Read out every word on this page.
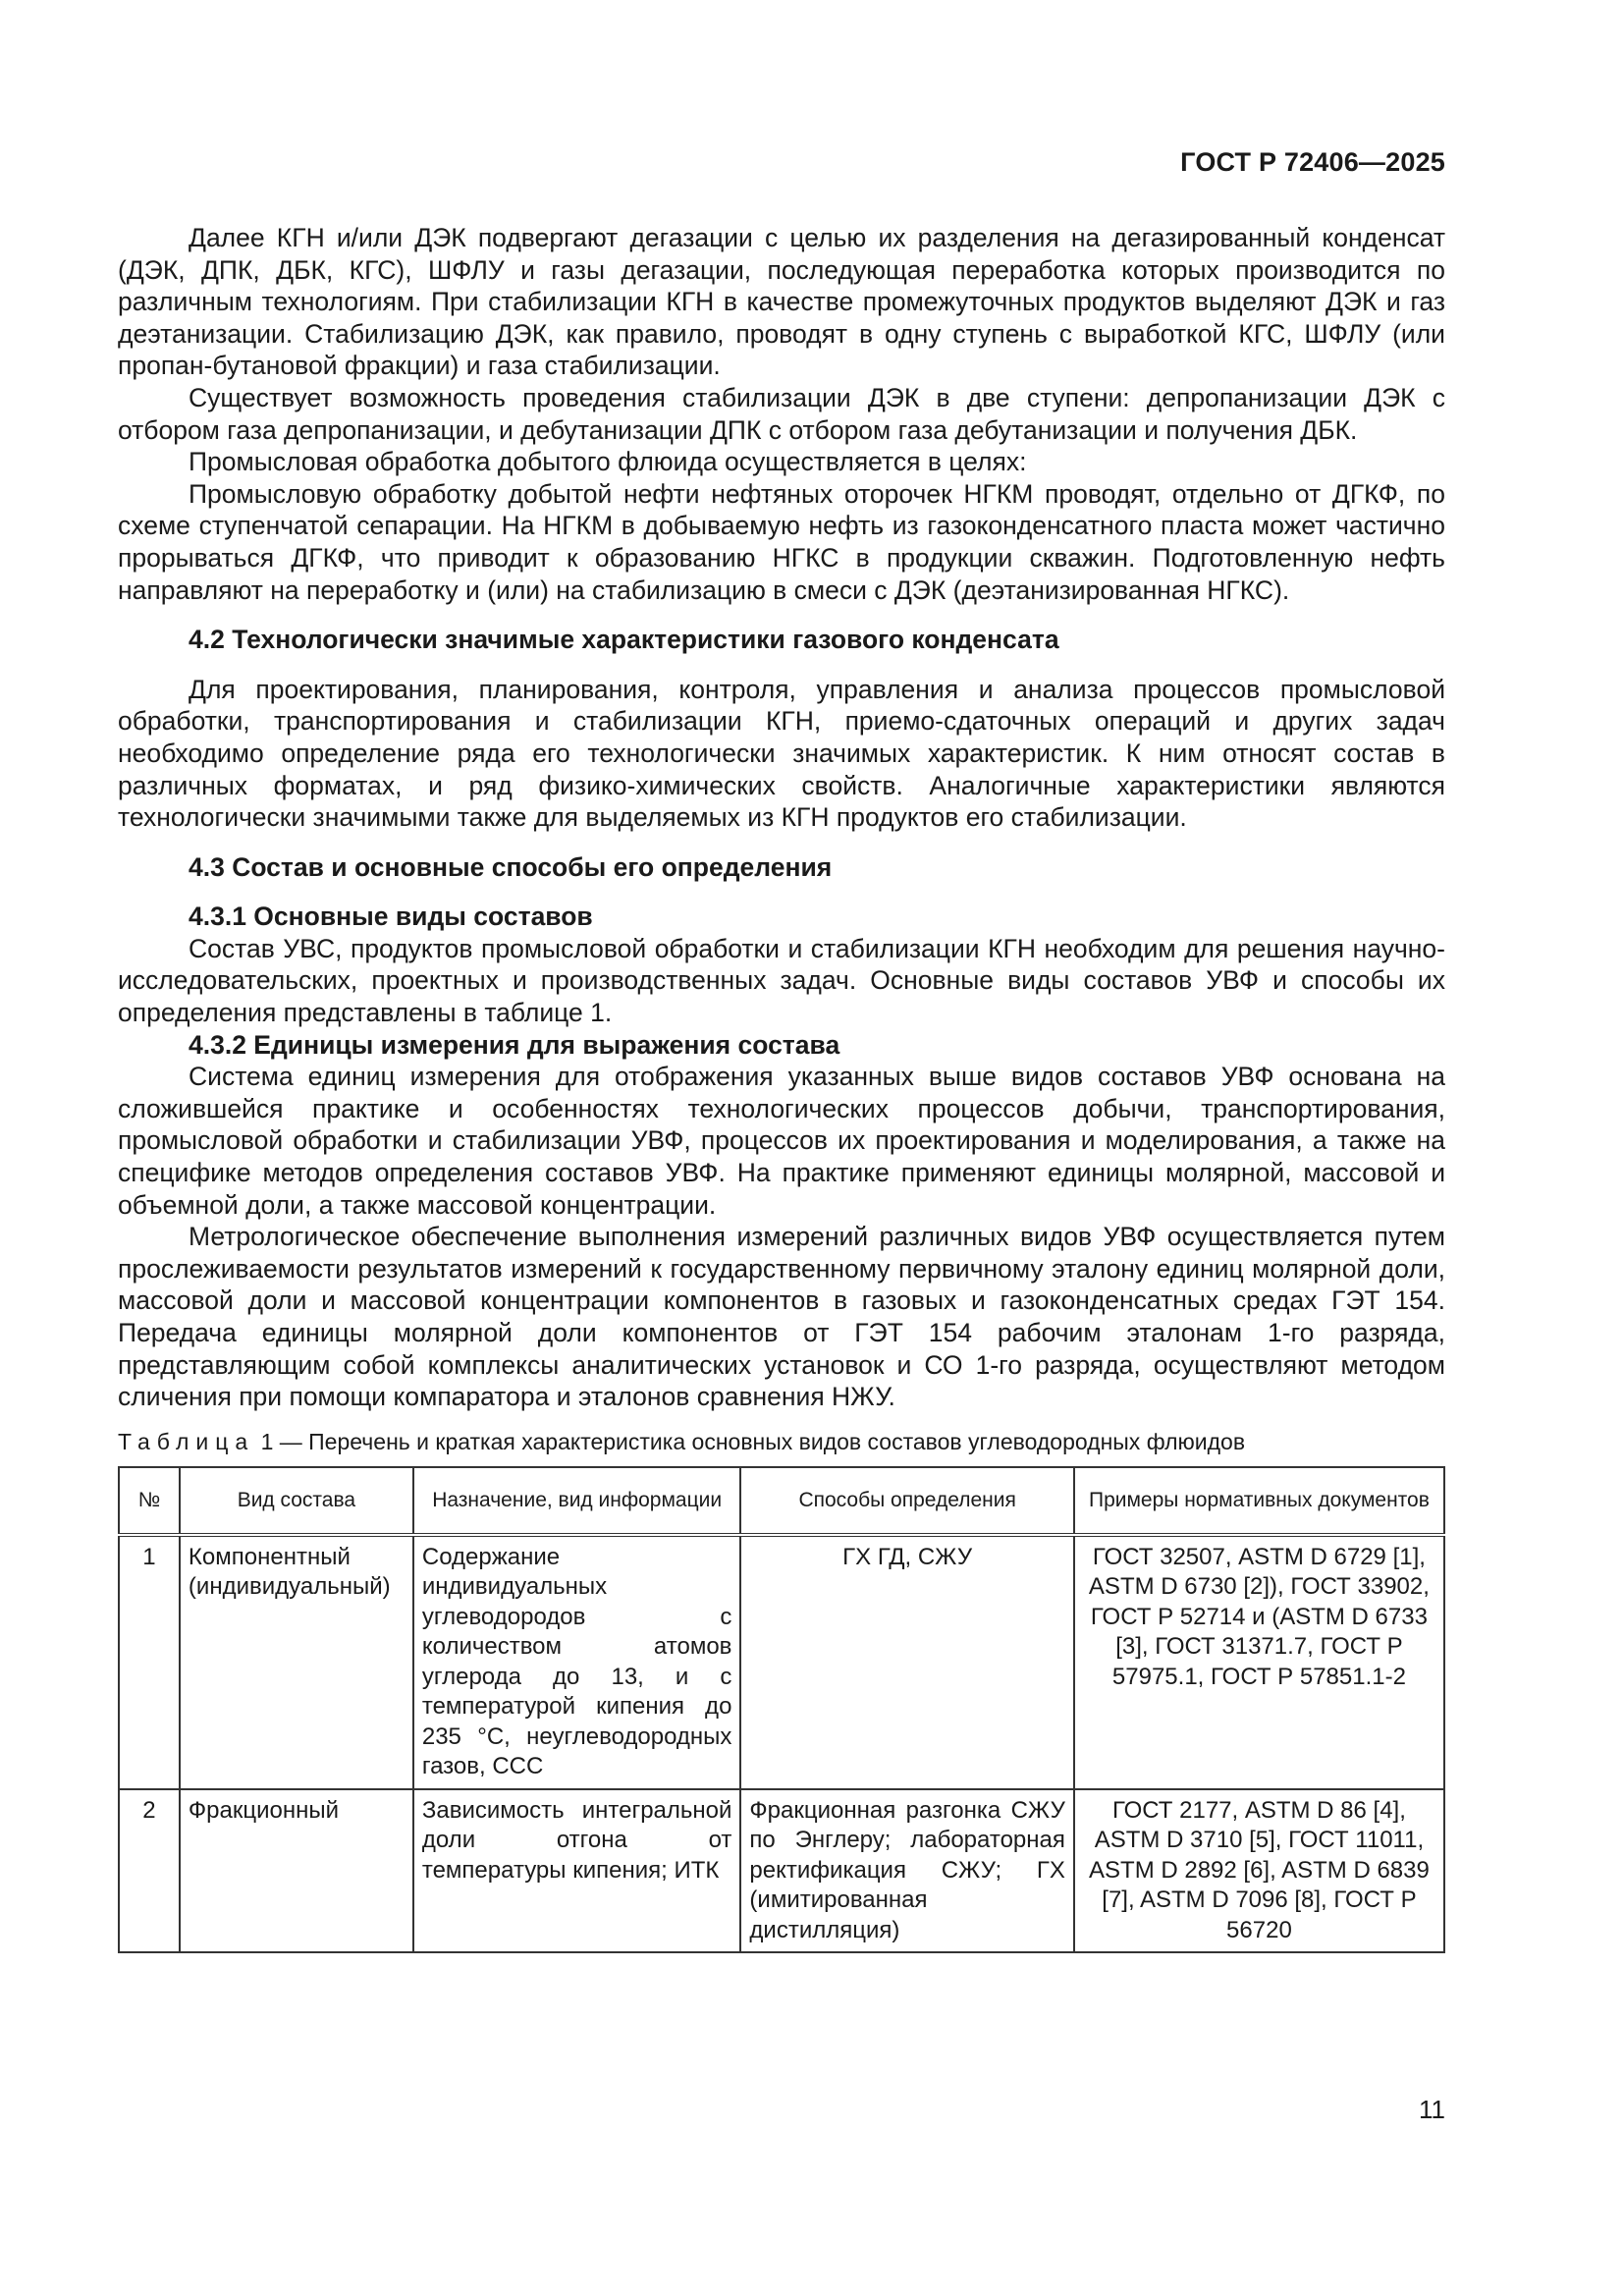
ГОСТ Р 72406—2025

Далее КГН и/или ДЭК подвергают дегазации с целью их разделения на дегазированный конденсат (ДЭК, ДПК, ДБК, КГС), ШФЛУ и газы дегазации, последующая переработка которых производится по различным технологиям. При стабилизации КГН в качестве промежуточных продуктов выделяют ДЭК и газ деэтанизации. Стабилизацию ДЭК, как правило, проводят в одну ступень с выработкой КГС, ШФЛУ (или пропан-бутановой фракции) и газа стабилизации.

Существует возможность проведения стабилизации ДЭК в две ступени: депропанизации ДЭК с отбором газа депропанизации, и дебутанизации ДПК с отбором газа дебутанизации и получения ДБК.

Промысловая обработка добытого флюида осуществляется в целях:

Промысловую обработку добытой нефти нефтяных оторочек НГКМ проводят, отдельно от ДГКФ, по схеме ступенчатой сепарации. На НГКМ в добываемую нефть из газоконденсатного пласта может частично прорываться ДГКФ, что приводит к образованию НГКС в продукции скважин. Подготовленную нефть направляют на переработку и (или) на стабилизацию в смеси с ДЭК (деэтанизированная НГКС).

4.2 Технологически значимые характеристики газового конденсата

Для проектирования, планирования, контроля, управления и анализа процессов промысловой обработки, транспортирования и стабилизации КГН, приемо-сдаточных операций и других задач необходимо определение ряда его технологически значимых характеристик. К ним относят состав в различных форматах, и ряд физико-химических свойств. Аналогичные характеристики являются технологически значимыми также для выделяемых из КГН продуктов его стабилизации.

4.3 Состав и основные способы его определения
4.3.1 Основные виды составов

Состав УВС, продуктов промысловой обработки и стабилизации КГН необходим для решения научно-исследовательских, проектных и производственных задач. Основные виды составов УВФ и способы их определения представлены в таблице 1.

4.3.2 Единицы измерения для выражения состава

Система единиц измерения для отображения указанных выше видов составов УВФ основана на сложившейся практике и особенностях технологических процессов добычи, транспортирования, промысловой обработки и стабилизации УВФ, процессов их проектирования и моделирования, а также на специфике методов определения составов УВФ. На практике применяют единицы молярной, массовой и объемной доли, а также массовой концентрации.

Метрологическое обеспечение выполнения измерений различных видов УВФ осуществляется путем прослеживаемости результатов измерений к государственному первичному эталону единиц молярной доли, массовой доли и массовой концентрации компонентов в газовых и газоконденсатных средах ГЭТ 154. Передача единицы молярной доли компонентов от ГЭТ 154 рабочим эталонам 1-го разряда, представляющим собой комплексы аналитических установок и СО 1-го разряда, осуществляют методом сличения при помощи компаратора и эталонов сравнения НЖУ.

Таблица 1 — Перечень и краткая характеристика основных видов составов углеводородных флюидов
№	Вид состава	Назначение, вид информации	Способы определения	Примеры нормативных документов
1	Компонентный (индивидуальный)	Содержание индивидуальных углеводородов с количеством атомов углерода до 13, и с температурой кипения до 235 °С, неуглеводородных газов, ССС	ГХ ГД, СЖУ	ГОСТ 32507, ASTM D 6729 [1], ASTM D 6730 [2]), ГОСТ 33902, ГОСТ Р 52714 и (ASTM D 6733 [3], ГОСТ 31371.7, ГОСТ Р 57975.1, ГОСТ Р 57851.1-2
2	Фракционный	Зависимость интегральной доли отгона от температуры кипения; ИТК	Фракционная разгонка СЖУ по Энглеру; лабораторная ректификация СЖУ; ГХ (имитированная дистилляция)	ГОСТ 2177, ASTM D 86 [4], ASTM D 3710 [5], ГОСТ 11011, ASTM D 2892 [6], ASTM D 6839 [7], ASTM D 7096 [8], ГОСТ Р 56720
11
